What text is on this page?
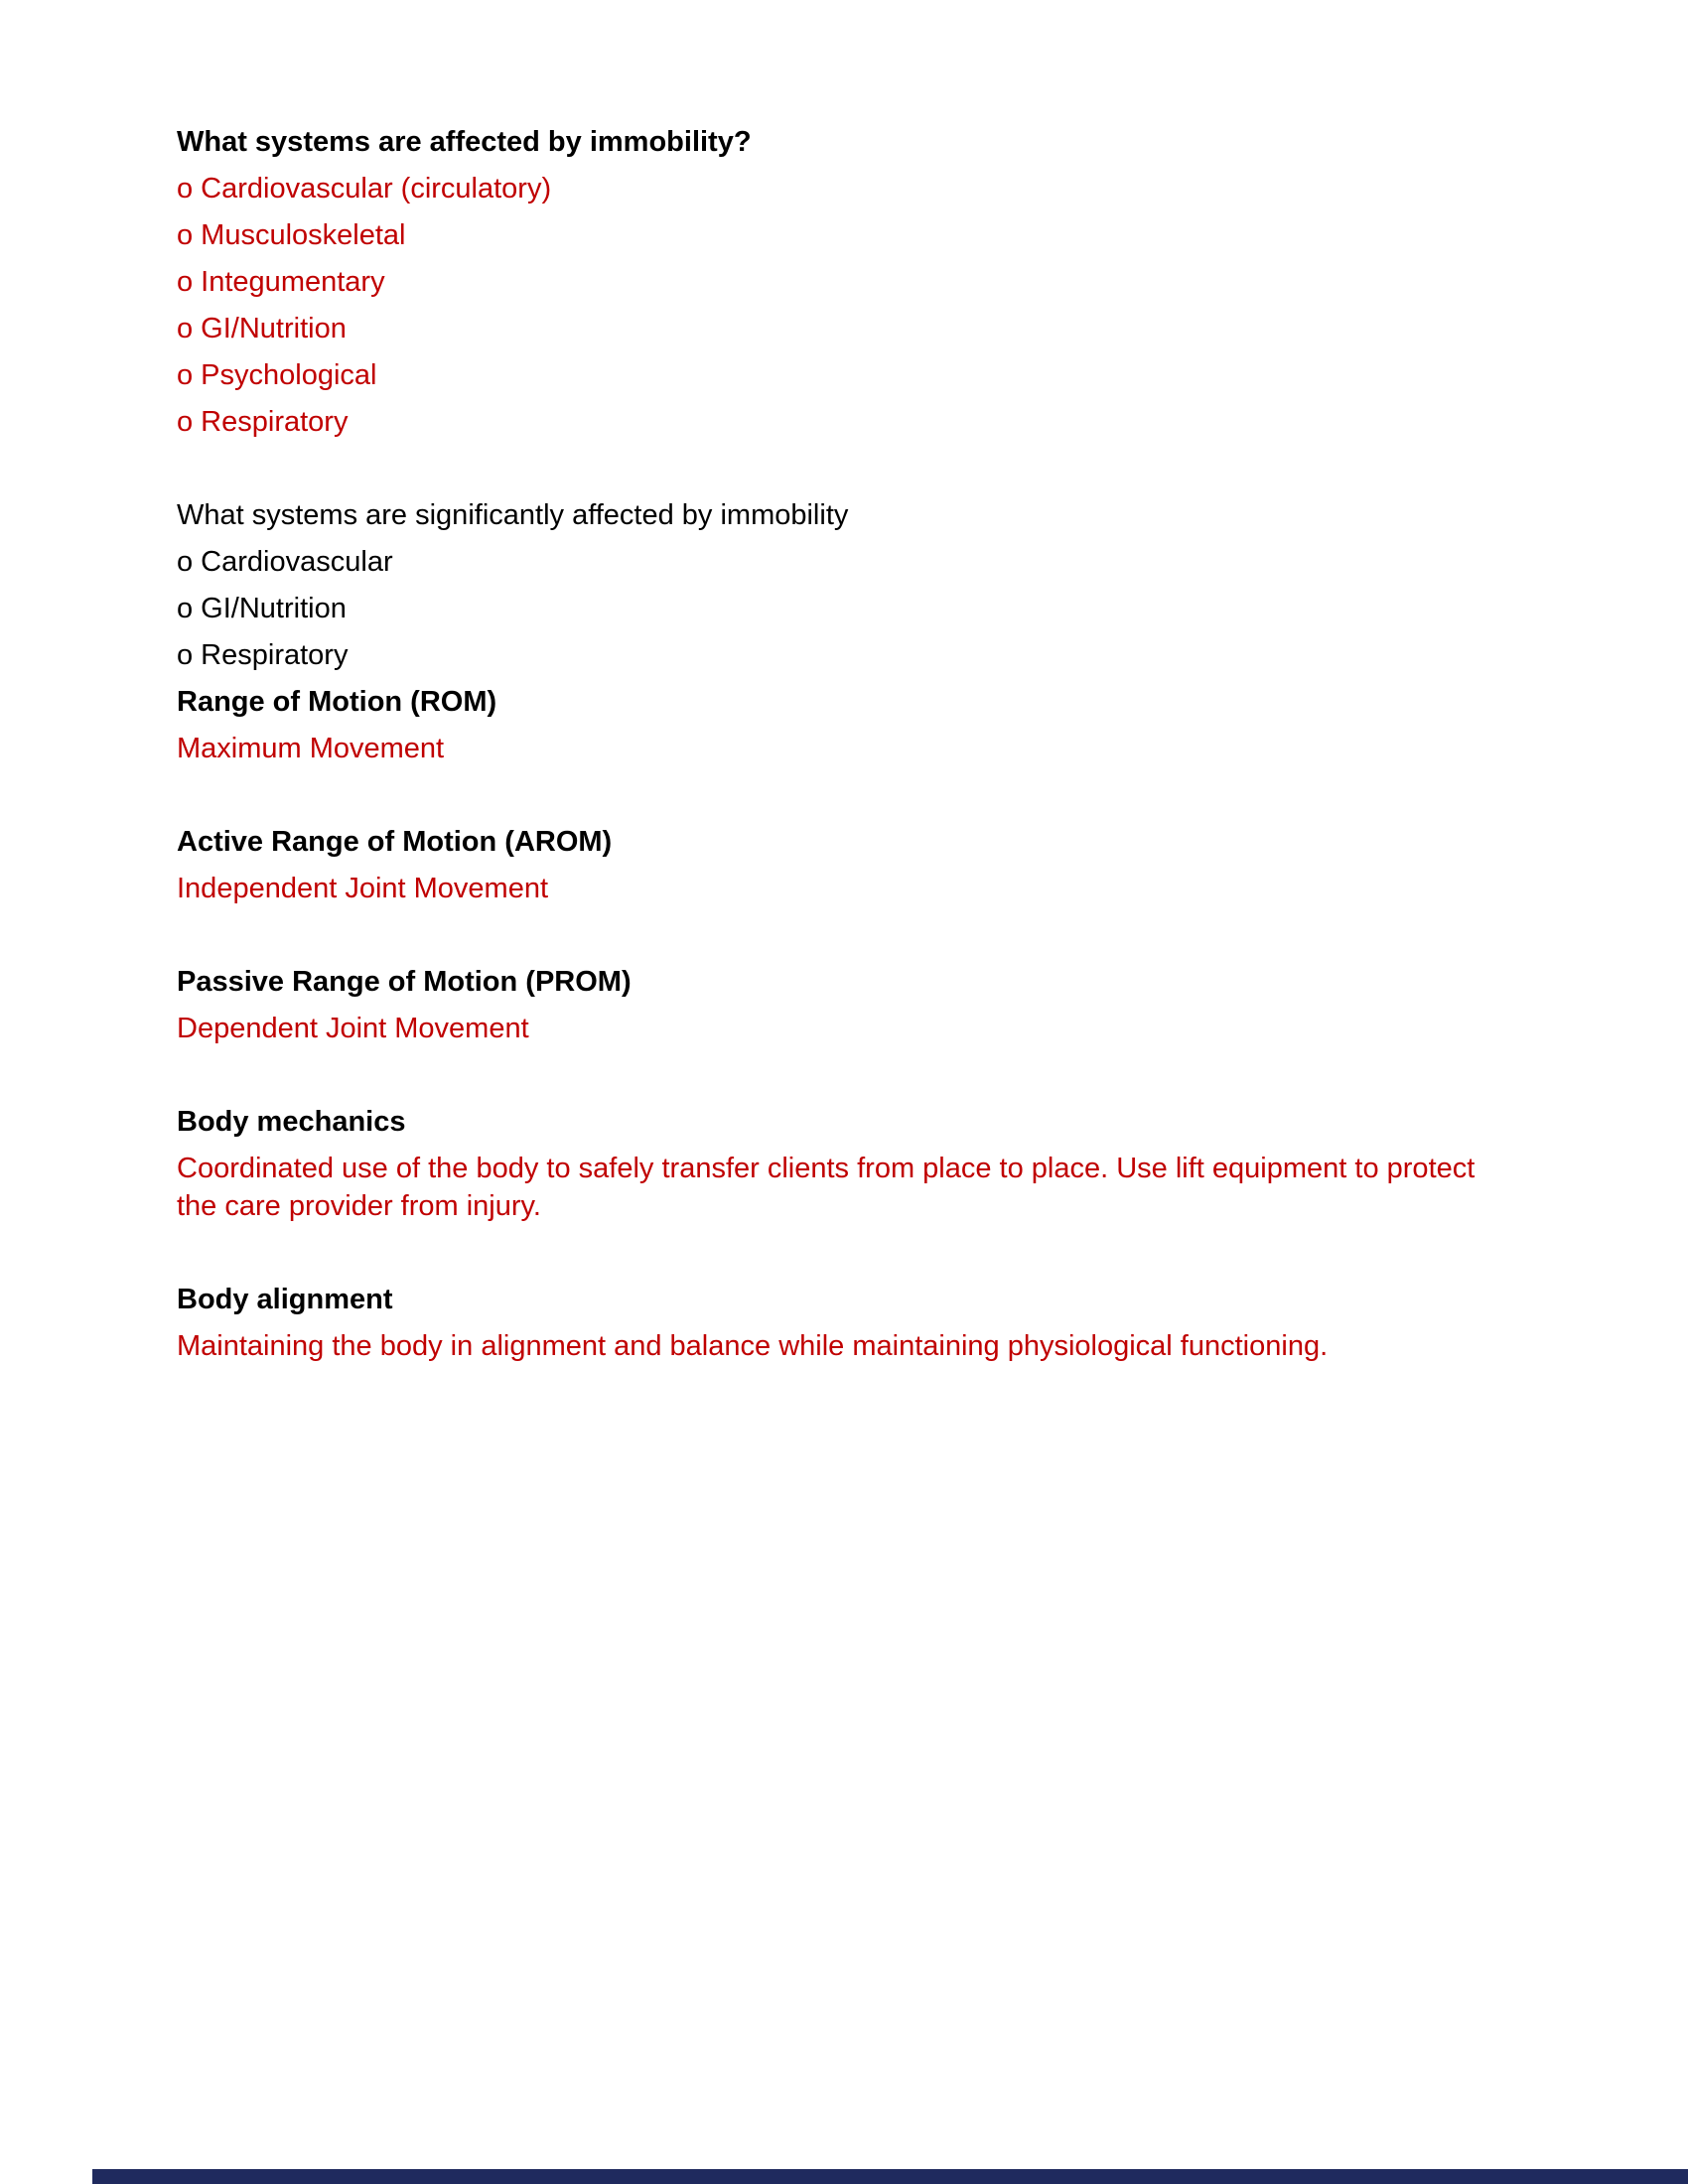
What systems are affected by immobility?

o Cardiovascular (circulatory)

o Musculoskeletal

o Integumentary

o GI/Nutrition

o Psychological

o Respiratory

What systems are significantly affected by immobility

o Cardiovascular

o GI/Nutrition

o Respiratory

Range of Motion (ROM)

Maximum Movement

Active Range of Motion (AROM)

Independent Joint Movement

Passive Range of Motion (PROM)

Dependent Joint Movement

Body mechanics

Coordinated use of the body to safely transfer clients from place to place. Use lift equipment to protect the care provider from injury.

Body alignment

Maintaining the body in alignment and balance while maintaining physiological functioning.
